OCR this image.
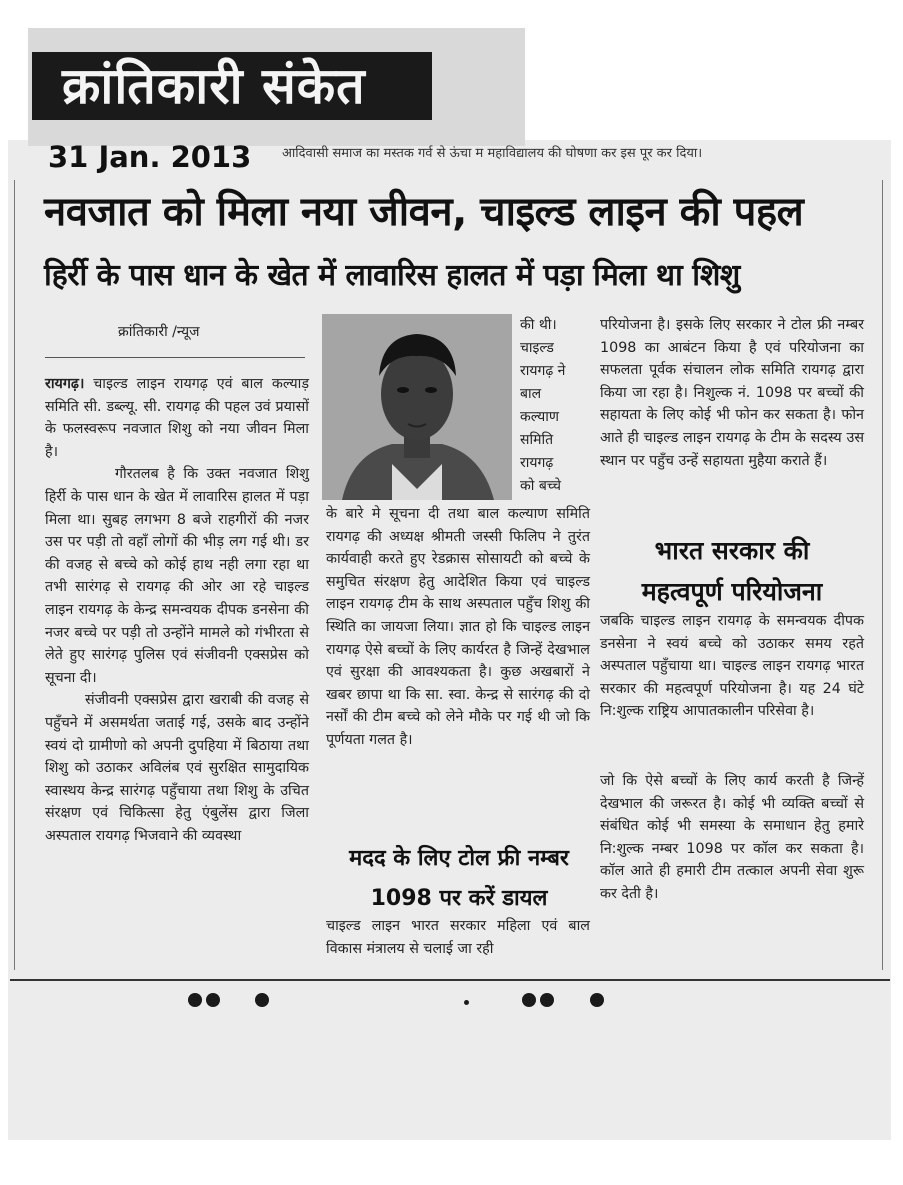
क्रांतिकारी संकेत
31 Jan. 2013 आदिवासी समाज का मस्तक गर्व से ऊंचा म महाविद्यालय की घोषणा कर इस पूर कर दिया।
नवजात को मिला नया जीवन, चाइल्ड लाइन की पहल
हिर्री के पास धान के खेत में लावारिस हालत में पड़ा मिला था शिशु
क्रांतिकारी /न्यूज

रायगढ़। चाइल्ड लाइन रायगढ़ एवं बाल कल्याड़ समिति सी. डब्ल्यू. सी. रायगढ़ की पहल उवं प्रयासों के फलस्वरूप नवजात शिशु को नया जीवन मिला है।

गौरतलब है कि उक्त नवजात शिशु हिर्री के पास धान के खेत में लावारिस हालत में पड़ा मिला था। सुबह लगभग 8 बजे राहगीरों की नजर उस पर पड़ी तो वहाँ लोगों की भीड़ लग गई थी। डर की वजह से बच्चे को कोई हाथ नही लगा रहा था तभी सारंगढ़ से रायगढ़ की ओर आ रहे चाइल्ड लाइन रायगढ़ के केन्द्र समन्वयक दीपक डनसेना की नजर बच्चे पर पड़ी तो उन्होंने मामले को गंभीरता से लेते हुए सारंगढ़ पुलिस एवं संजीवनी एक्सप्रेस को सूचना दी।

संजीवनी एक्सप्रेस द्वारा खराबी की वजह से पहुँचने में असमर्थता जताई गई, उसके बाद उन्होंने स्वयं दो ग्रामीणो को अपनी दुपहिया में बिठाया तथा शिशु को उठाकर अविलंब एवं सुरक्षित सामुदायिक स्वास्थय केन्द्र सारंगढ़ पहुँचाया तथा शिशु के उचित संरक्षण एवं चिकित्सा हेतु एंबुलेंस द्वारा जिला अस्पताल रायगढ़ भिजवाने की व्यवस्था

की थी।

चाइल्ड

रायगढ़ ने

बाल

कल्याण

समिति

रायगढ़

को बच्चे

के बारे मे सूचना दी तथा बाल कल्याण समिति रायगढ़ की अध्यक्ष श्रीमती जस्सी फिलिप ने तुरंत कार्यवाही करते हुए रेडक्रास सोसायटी को बच्चे के समुचित संरक्षण हेतु आदेशित किया एवं चाइल्ड लाइन रायगढ़ टीम के साथ अस्पताल पहुँच शिशु की स्थिति का जायजा लिया। ज्ञात हो कि चाइल्ड लाइन रायगढ़ ऐसे बच्चों के लिए कार्यरत है जिन्हें देखभाल एवं सुरक्षा की आवश्यकता है। कुछ अखबारों ने खबर छापा था कि सा. स्वा. केन्द्र से सारंगढ़ की दो नर्सों की टीम बच्चे को लेने मौके पर गई थी जो कि पूर्णयता गलत है।

मदद के लिए टोल फ्री नम्बर
1098 पर करें डायल

चाइल्ड लाइन भारत सरकार महिला एवं बाल विकास मंत्रालय से चलाई जा रही

परियोजना है। इसके लिए सरकार ने टोल फ्री नम्बर 1098 का आबंटन किया है एवं परियोजना का सफलता पूर्वक संचालन लोक समिति रायगढ़ द्वारा किया जा रहा है। निशुल्क नं. 1098 पर बच्चों की सहायता के लिए कोई भी फोन कर सकता है। फोन आते ही चाइल्ड लाइन रायगढ़ के टीम के सदस्य उस स्थान पर पहुँच उन्हें सहायता मुहैया कराते हैं।

भारत सरकार की
महत्वपूर्ण परियोजना

जबकि चाइल्ड लाइन रायगढ़ के समन्वयक दीपक डनसेना ने स्वयं बच्चे को उठाकर समय रहते अस्पताल पहुँचाया था। चाइल्ड लाइन रायगढ़ भारत सरकार की महत्वपूर्ण परियोजना है। यह 24 घंटे नि:शुल्क राष्ट्रिय आपातकालीन परिसेवा है।

जो कि ऐसे बच्चों के लिए कार्य करती है जिन्हें देखभाल की जरूरत है। कोई भी व्यक्ति बच्चों से संबंधित कोई भी समस्या के समाधान हेतु हमारे नि:शुल्क नम्बर 1098 पर कॉल कर सकता है। कॉल आते ही हमारी टीम तत्काल अपनी सेवा शुरू कर देती है।
